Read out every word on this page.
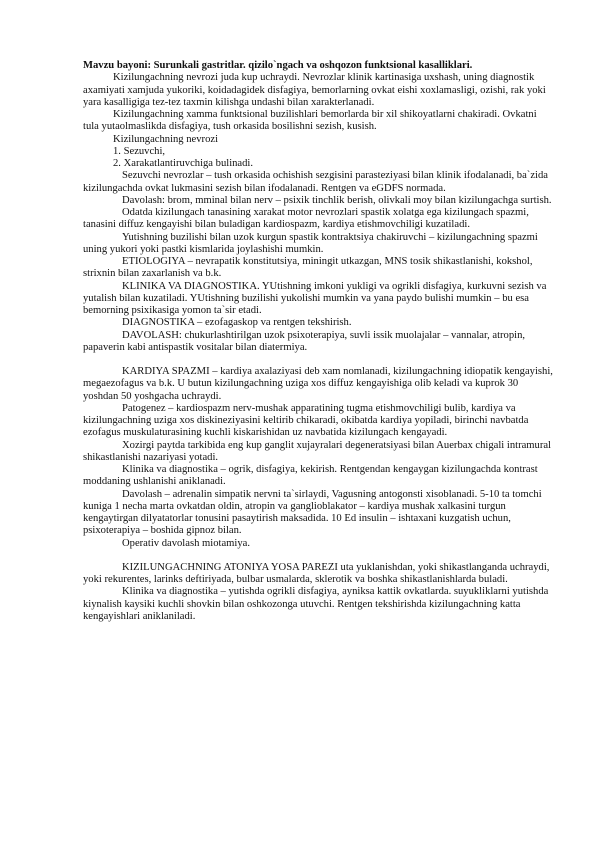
Mavzu bayoni: Surunkali gastritlar. qizilo`ngach va oshqozon funktsional kasalliklari.

Kizilungachning nevrozi juda kup uchraydi. Nevrozlar klinik kartinasiga uxshash, uning diagnostik axamiyati xamjuda yukoriki, koidadagidek disfagiya, bemorlarning ovkat eishi xoxlamasligi, ozishi, rak yoki yara kasalligiga tez-tez taxmin kilishga undashi bilan xarakterlanadi.

Kizilungachning xamma funktsional buzilishlari bemorlarda bir xil shikoyatlarni chakiradi. Ovkatni tula yutaolmaslikda disfagiya, tush orkasida bosilishni sezish, kusish.

Kizilungachning nevrozi

1. Sezuvchi,

2. Xarakatlantiruvchiga bulinadi.

Sezuvchi nevrozlar – tush orkasida ochishish sezgisini parasteziyasi bilan klinik ifodalanadi, ba`zida kizilungachda ovkat lukmasini sezish bilan ifodalanadi. Rentgen va eGDFS normada.

Davolash: brom, mminal bilan nerv – psixik tinchlik berish, olivkali moy bilan kizilungachga surtish.

Odatda kizilungach tanasining xarakat motor nevrozlari spastik xolatga ega kizilungach spazmi, tanasini diffuz kengayishi bilan buladigan kardiospazm, kardiya etishmovchiligi kuzatiladi.

Yutishning buzilishi bilan uzok kurgun spastik kontraktsiya chakiruvchi – kizilungachning spazmi uning yukori yoki pastki kismlarida joylashishi mumkin.

ETIOLOGIYA – nevrapatik konstitutsiya, miningit utkazgan, MNS tosik shikastlanishi, kokshol, strixnin bilan zaxarlanish va b.k.

KLINIKA VA DIAGNOSTIKA. YUtishning imkoni yukligi va ogrikli disfagiya, kurkuvni sezish va yutalish bilan kuzatiladi. YUtishning buzilishi yukolishi mumkin va yana paydo bulishi mumkin – bu esa bemorning psixikasiga yomon ta`sir etadi.

DIAGNOSTIKA – ezofagaskop va rentgen tekshirish.

DAVOLASH: chukurlashtirilgan uzok psixoterapiya, suvli issik muolajalar – vannalar, atropin, papaverin kabi antispastik vositalar bilan diatermiya.

KARDIYA SPAZMI – kardiya axalaziyasi deb xam nomlanadi, kizilungachning idiopatik kengayishi, megaezofagus va b.k. U butun kizilungachning uziga xos diffuz kengayishiga olib keladi va kuprok 30 yoshdan 50 yoshgacha uchraydi.

Patogenez – kardiospazm nerv-mushak apparatining tugma etishmovchiligi bulib, kardiya va kizilungachning uziga xos diskineziyasini keltirib chikaradi, okibatda kardiya yopiladi, birinchi navbatda ezofagus muskulaturasining kuchli kiskarishidan uz navbatida kizilungach kengayadi.

Xozirgi paytda tarkibida eng kup ganglit xujayralari degeneratsiyasi bilan Auerbax chigali intramural shikastlanishi nazariyasi yotadi.

Klinika va diagnostika – ogrik, disfagiya, kekirish. Rentgendan kengaygan kizilungachda kontrast moddaning ushlanishi aniklanadi.

Davolash – adrenalin simpatik nervni ta`sirlaydi, Vagusning antogonsti xisoblanadi. 5-10 ta tomchi kuniga 1 necha marta ovkatdan oldin, atropin va ganglioblakator – kardiya mushak xalkasini turgun kengaytirgan dilyatatorlar tonusini pasaytirish maksadida. 10 Ed insulin – ishtaxani kuzgatish uchun, psixoterapiya – boshida gipnoz bilan.

Operativ davolash miotamiya.

KIZILUNGACHNING ATONIYA YOSA PAREZI uta yuklanishdan, yoki shikastlanganda uchraydi, yoki rekurentes, larinks deftiriyada, bulbar usmalarda, sklerotik va boshka shikastlanishlarda buladi.

Klinika va diagnostika – yutishda ogrikli disfagiya, ayniksa kattik ovkatlarda. suyukliklarni yutishda kiynalish kaysiki kuchli shovkin bilan oshkozonga utuvchi. Rentgen tekshirishda kizilungachning katta kengayishlari aniklaniladi.
